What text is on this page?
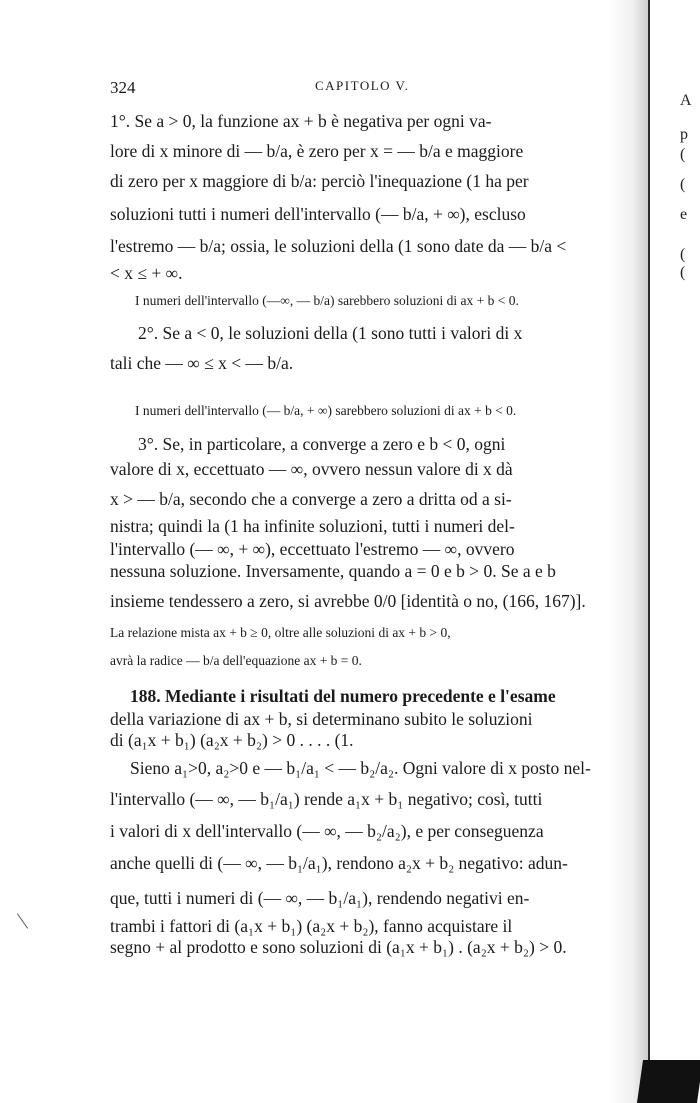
324	CAPITOLO V.
1°. Se a > 0, la funzione ax + b è negativa per ogni va-
lore di x minore di — b/a, è zero per x = — b/a e maggiore
di zero per x maggiore di b/a: perciò l'inequazione (1 ha per
soluzioni tutti i numeri dell'intervallo (— b/a, + ∞), escluso
l'estremo — b/a; ossia, le soluzioni della (1 sono date da — b/a <
< x ≤ + ∞.
I numeri dell'intervallo (—∞, — b/a) sarebbero soluzioni di ax + b < 0.
2°. Se a < 0, le soluzioni della (1 sono tutti i valori di x
tali che — ∞ ≤ x < — b/a.
I numeri dell'intervallo (— b/a, + ∞) sarebbero soluzioni di ax + b < 0.
3°. Se, in particolare, a converge a zero e b < 0, ogni
valore di x, eccettuato — ∞, ovvero nessun valore di x dà
x > — b/a, secondo che a converge a zero a dritta od a si-
nistra; quindi la (1 ha infinite soluzioni, tutti i numeri del-
l'intervallo (— ∞, + ∞), eccettuato l'estremo — ∞, ovvero
nessuna soluzione. Inversamente, quando a = 0 e b > 0. Se a e b
insieme tendessero a zero, si avrebbe 0/0 [identità o no, (166, 167)].
La relazione mista ax + b ≥ 0, oltre alle soluzioni di ax + b > 0,
avrà la radice — b/a dell'equazione ax + b = 0.
188. Mediante i risultati del numero precedente e l'esame
della variazione di ax + b, si determinano subito le soluzioni
di (a₁x + b₁) (a₂x + b₂) > 0 . . . . (1.
Sieno a₁>0, a₂>0 e — b₁/a₁ < — b₂/a₂. Ogni valore di x posto nel-
l'intervallo (— ∞, — b₁/a₁) rende a₁x + b₁ negativo; così, tutti
i valori di x dell'intervallo (— ∞, — b₂/a₂), e per conseguenza
anche quelli di (— ∞, — b₁/a₁), rendono a₂x + b₂ negativo: adun-
que, tutti i numeri di (— ∞, — b₁/a₁), rendendo negativi en-
trambi i fattori di (a₁x + b₁) (a₂x + b₂), fanno acquistare il
segno + al prodotto e sono soluzioni di (a₁x + b₁) . (a₂x + b₂) > 0.
A
p
(
(
e
(
(
